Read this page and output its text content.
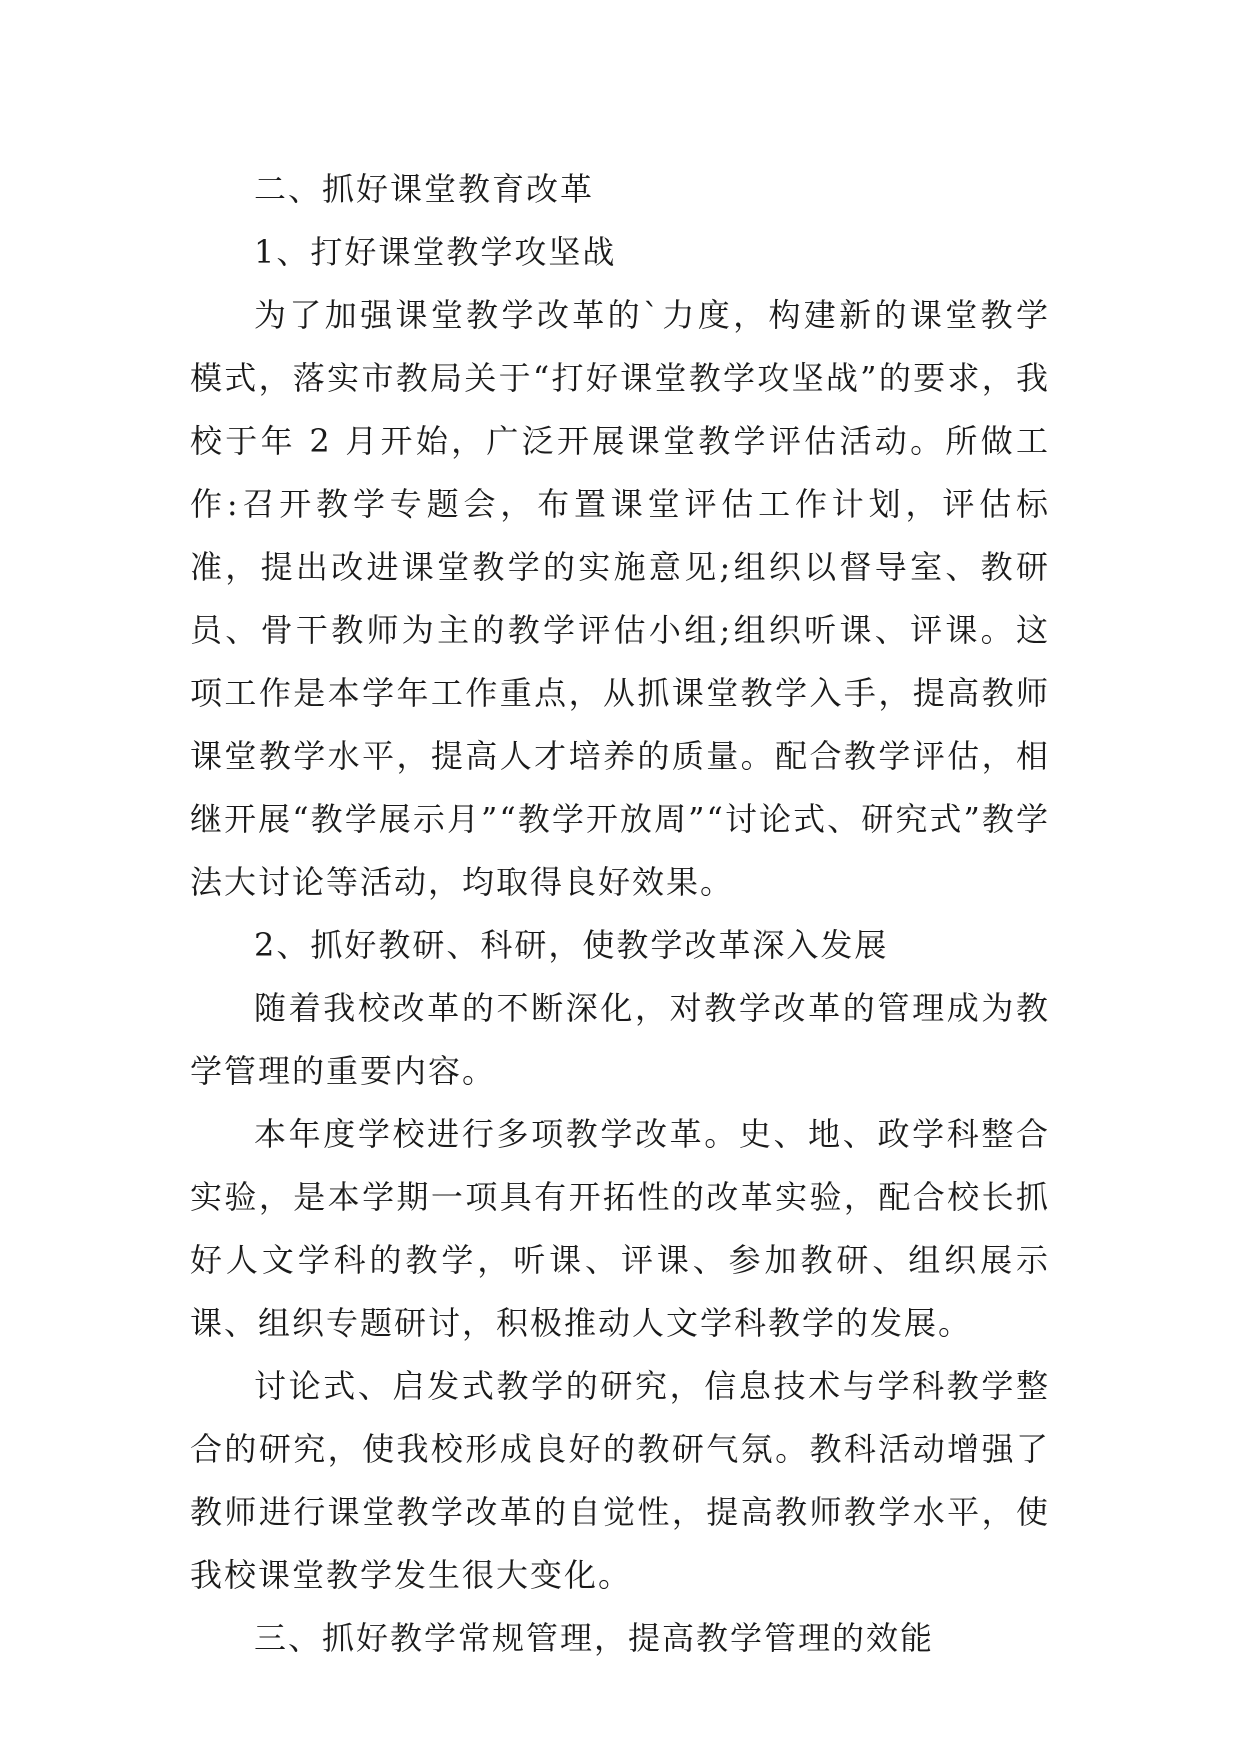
二、抓好课堂教育改革

1、打好课堂教学攻坚战

为了加强课堂教学改革的`力度，构建新的课堂教学模式，落实市教局关于“打好课堂教学攻坚战”的要求，我校于年 2 月开始，广泛开展课堂教学评估活动。所做工作:召开教学专题会，布置课堂评估工作计划，评估标准，提出改进课堂教学的实施意见;组织以督导室、教研员、骨干教师为主的教学评估小组;组织听课、评课。这项工作是本学年工作重点，从抓课堂教学入手，提高教师课堂教学水平，提高人才培养的质量。配合教学评估，相继开展“教学展示月”“教学开放周”“讨论式、研究式”教学法大讨论等活动，均取得良好效果。

2、抓好教研、科研，使教学改革深入发展

随着我校改革的不断深化，对教学改革的管理成为教学管理的重要内容。

本年度学校进行多项教学改革。史、地、政学科整合实验，是本学期一项具有开拓性的改革实验，配合校长抓好人文学科的教学，听课、评课、参加教研、组织展示课、组织专题研讨，积极推动人文学科教学的发展。

讨论式、启发式教学的研究，信息技术与学科教学整合的研究，使我校形成良好的教研气氛。教科活动增强了教师进行课堂教学改革的自觉性，提高教师教学水平，使我校课堂教学发生很大变化。

三、抓好教学常规管理，提高教学管理的效能
